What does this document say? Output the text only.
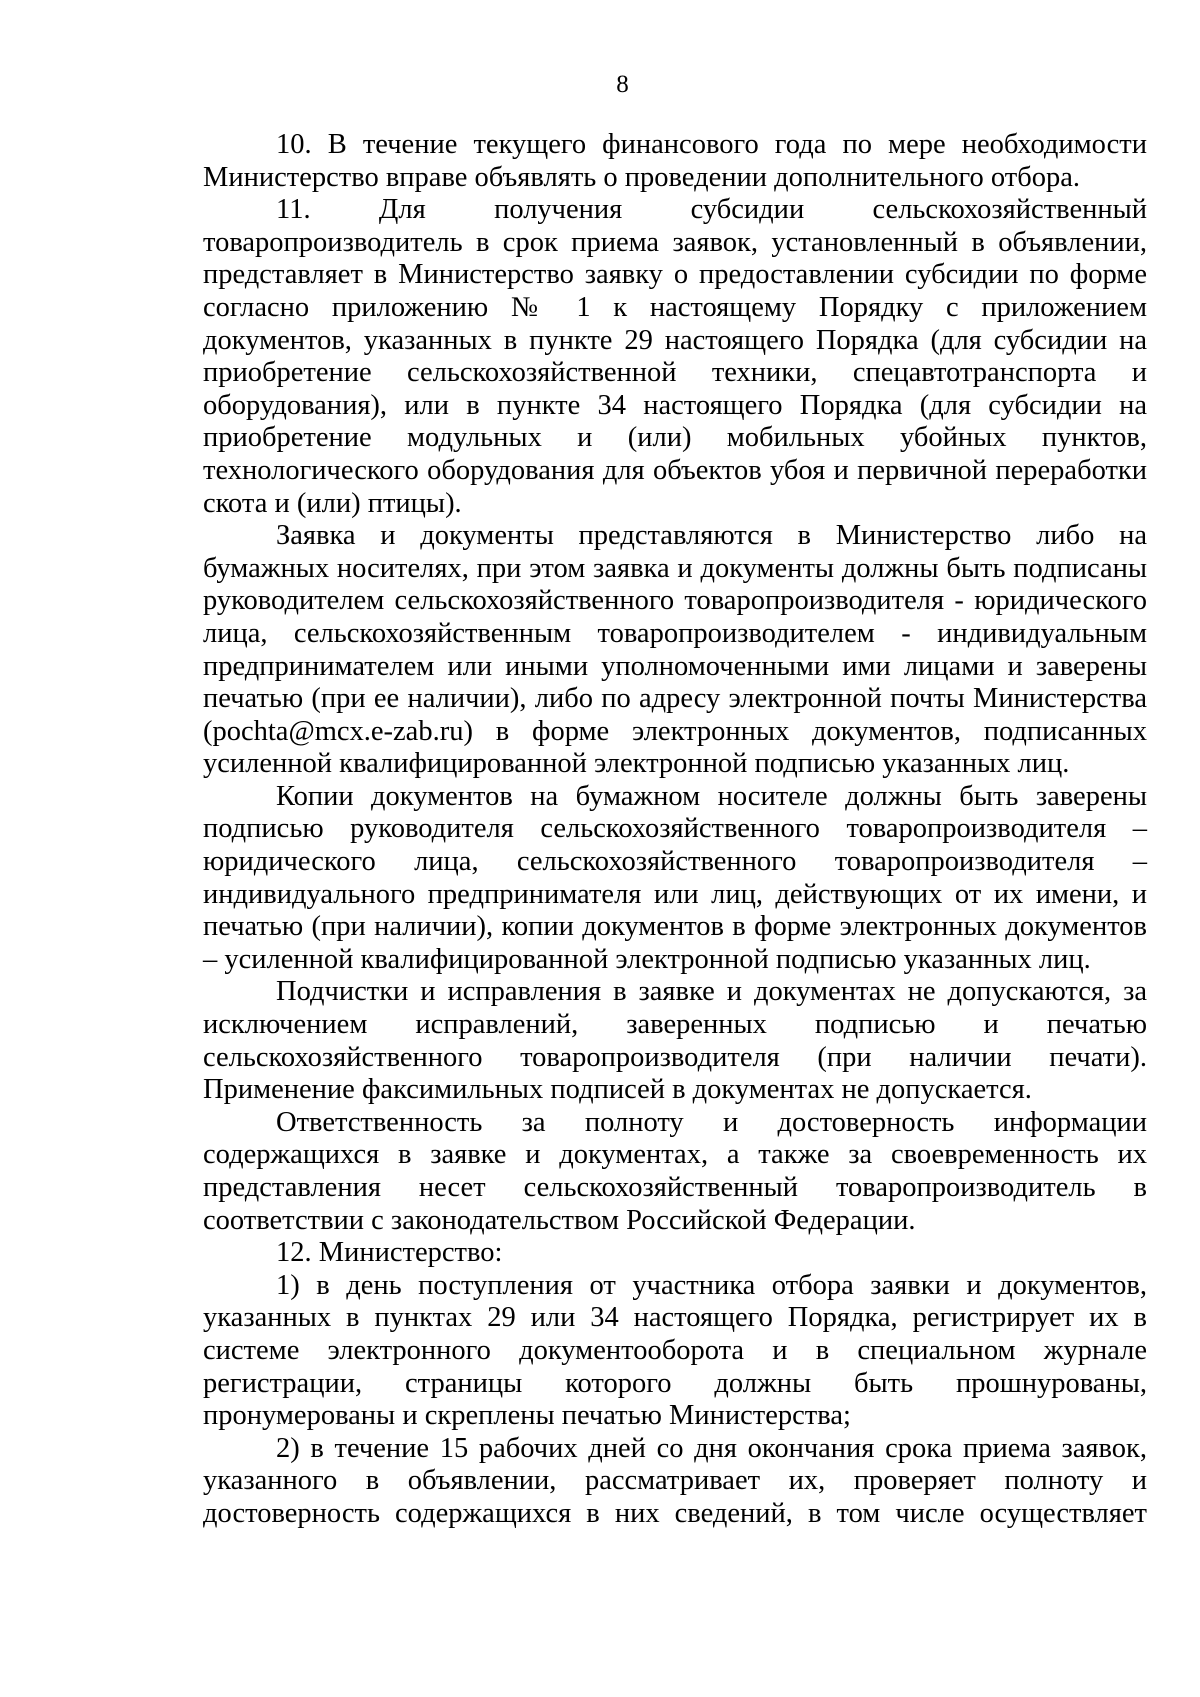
8

10. В течение текущего финансового года по мере необходимости Министерство вправе объявлять о проведении дополнительного отбора.

11. Для получения субсидии сельскохозяйственный товаропроизводитель в срок приема заявок, установленный в объявлении, представляет в Министерство заявку о предоставлении субсидии по форме согласно приложению № 1 к настоящему Порядку с приложением документов, указанных в пункте 29 настоящего Порядка (для субсидии на приобретение сельскохозяйственной техники, спецавтотранспорта и оборудования), или в пункте 34 настоящего Порядка (для субсидии на приобретение модульных и (или) мобильных убойных пунктов, технологического оборудования для объектов убоя и первичной переработки скота и (или) птицы).

Заявка и документы представляются в Министерство либо на бумажных носителях, при этом заявка и документы должны быть подписаны руководителем сельскохозяйственного товаропроизводителя - юридического лица, сельскохозяйственным товаропроизводителем - индивидуальным предпринимателем или иными уполномоченными ими лицами и заверены печатью (при ее наличии), либо по адресу электронной почты Министерства (pochta@mcx.e-zab.ru) в форме электронных документов, подписанных усиленной квалифицированной электронной подписью указанных лиц.

Копии документов на бумажном носителе должны быть заверены подписью руководителя сельскохозяйственного товаропроизводителя – юридического лица, сельскохозяйственного товаропроизводителя – индивидуального предпринимателя или лиц, действующих от их имени, и печатью (при наличии), копии документов в форме электронных документов – усиленной квалифицированной электронной подписью указанных лиц.

Подчистки и исправления в заявке и документах не допускаются, за исключением исправлений, заверенных подписью и печатью сельскохозяйственного товаропроизводителя (при наличии печати). Применение факсимильных подписей в документах не допускается.

Ответственность за полноту и достоверность информации содержащихся в заявке и документах, а также за своевременность их представления несет сельскохозяйственный товаропроизводитель в соответствии с законодательством Российской Федерации.

12. Министерство:

1) в день поступления от участника отбора заявки и документов, указанных в пунктах 29 или 34 настоящего Порядка, регистрирует их в системе электронного документооборота и в специальном журнале регистрации, страницы которого должны быть прошнурованы, пронумерованы и скреплены печатью Министерства;

2) в течение 15 рабочих дней со дня окончания срока приема заявок, указанного в объявлении, рассматривает их, проверяет полноту и достоверность содержащихся в них сведений, в том числе осуществляет
